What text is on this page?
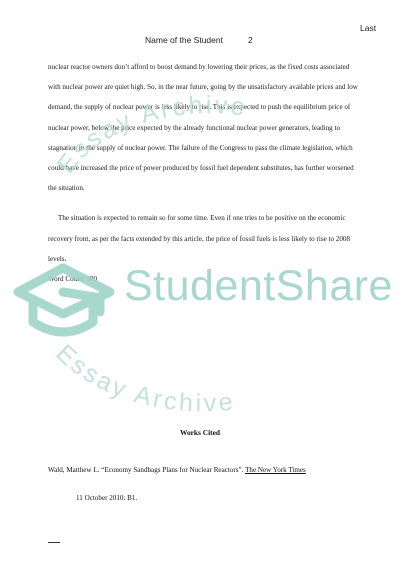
Last
Name of the Student	2

nuclear reactor owners don’t afford to boost demand by lowering their prices, as the fixed costs associated with nuclear power are quiet high. So, in the near future, going by the unsatisfactory available prices and low demand, the supply of nuclear power is less likely to rise. This is expected to push the equilibrium price of nuclear power, below the price expected by the already functional nuclear power generators, leading to stagnation in the supply of nuclear power. The failure of the Congress to pass the climate legislation, which could have increased the price of power produced by fossil fuel dependent substitutes, has further worsened the situation.

The situation is expected to remain so for some time. Even if one tries to be positive on the economic recovery front, as per the facts extended by this article, the price of fossil fuels is less likely to rise to 2008 levels.

Word Count: 380

Works Cited
Wald, Matthew L. “Economy Sandbags Plans for Nuclear Reactors”. The New York Times
11 October 2010: B1.
Essay Archive
Essay Archive
StudentShare
